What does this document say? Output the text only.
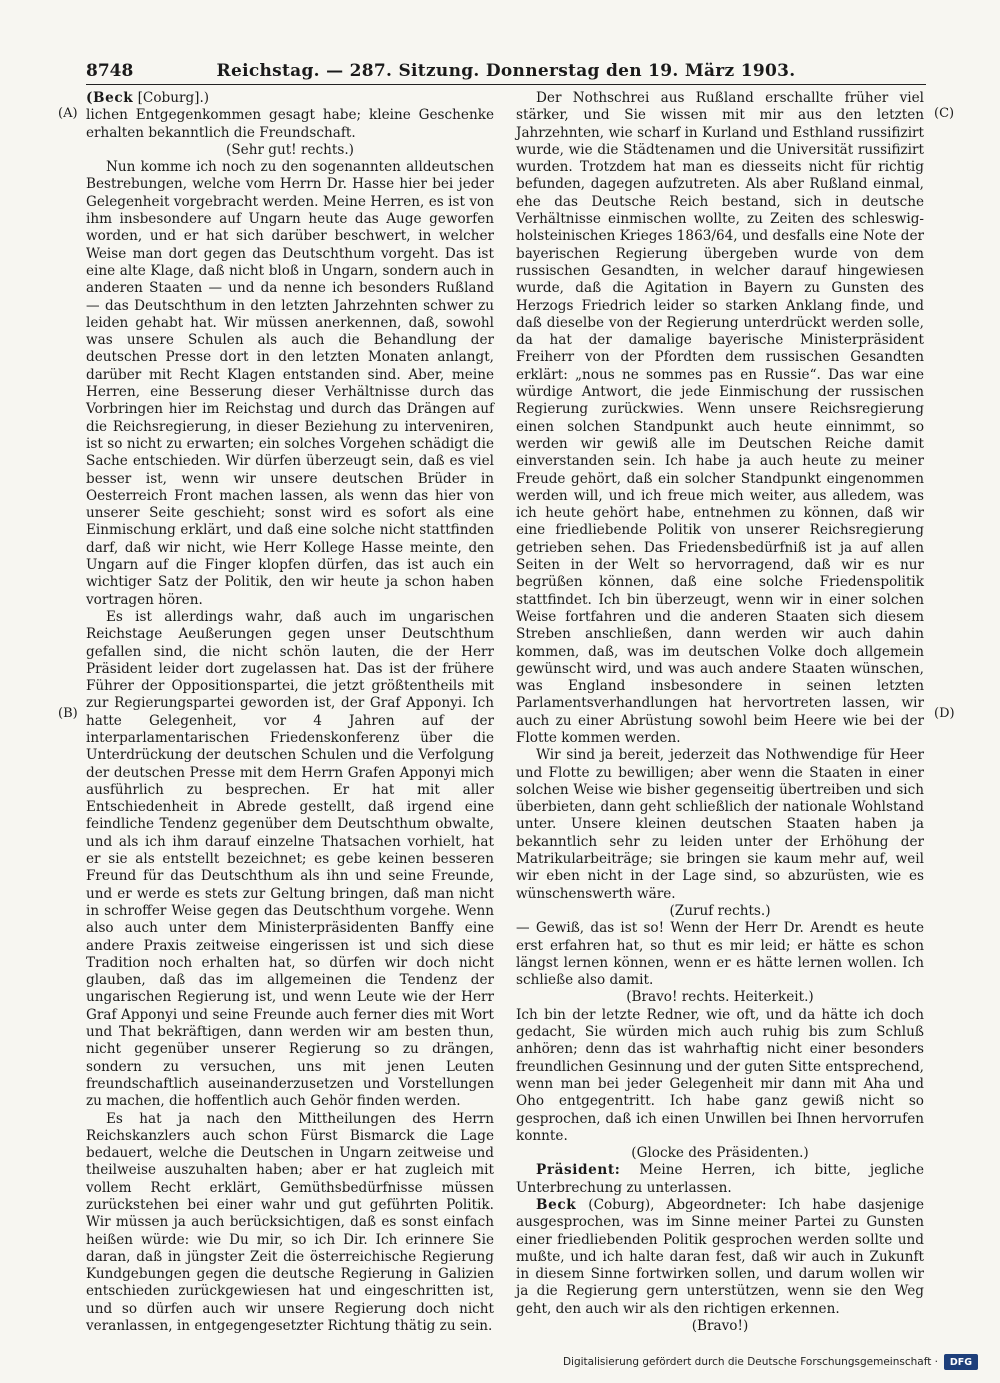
8748	Reichstag. — 287. Sitzung. Donnerstag den 19. März 1903.
(A)
(B)
(C)
(D)

(Beck [Coburg].)

lichen Entgegenkommen gesagt habe; kleine Geschenke erhalten bekanntlich die Freundschaft.

(Sehr gut! rechts.)

Nun komme ich noch zu den sogenannten alldeutschen Bestrebungen, welche vom Herrn Dr. Hasse hier bei jeder Gelegenheit vorgebracht werden. Meine Herren, es ist von ihm insbesondere auf Ungarn heute das Auge geworfen worden, und er hat sich darüber beschwert, in welcher Weise man dort gegen das Deutschthum vorgeht. Das ist eine alte Klage, daß nicht bloß in Ungarn, sondern auch in anderen Staaten — und da nenne ich besonders Rußland — das Deutschthum in den letzten Jahrzehnten schwer zu leiden gehabt hat. Wir müssen anerkennen, daß, sowohl was unsere Schulen als auch die Behandlung der deutschen Presse dort in den letzten Monaten anlangt, darüber mit Recht Klagen entstanden sind. Aber, meine Herren, eine Besserung dieser Verhältnisse durch das Vorbringen hier im Reichstag und durch das Drängen auf die Reichsregierung, in dieser Beziehung zu interveniren, ist so nicht zu erwarten; ein solches Vorgehen schädigt die Sache entschieden. Wir dürfen überzeugt sein, daß es viel besser ist, wenn wir unsere deutschen Brüder in Oesterreich Front machen lassen, als wenn das hier von unserer Seite geschieht; sonst wird es sofort als eine Einmischung erklärt, und daß eine solche nicht stattfinden darf, daß wir nicht, wie Herr Kollege Hasse meinte, den Ungarn auf die Finger klopfen dürfen, das ist auch ein wichtiger Satz der Politik, den wir heute ja schon haben vortragen hören.

Es ist allerdings wahr, daß auch im ungarischen Reichstage Aeußerungen gegen unser Deutschthum gefallen sind, die nicht schön lauten, die der Herr Präsident leider dort zugelassen hat. Das ist der frühere Führer der Oppositionspartei, die jetzt größtentheils mit zur Regierungspartei geworden ist, der Graf Apponyi. Ich hatte Gelegenheit, vor 4 Jahren auf der interparlamentarischen Friedenskonferenz über die Unterdrückung der deutschen Schulen und die Verfolgung der deutschen Presse mit dem Herrn Grafen Apponyi mich ausführlich zu besprechen. Er hat mit aller Entschiedenheit in Abrede gestellt, daß irgend eine feindliche Tendenz gegenüber dem Deutschthum obwalte, und als ich ihm darauf einzelne Thatsachen vorhielt, hat er sie als entstellt bezeichnet; es gebe keinen besseren Freund für das Deutschthum als ihn und seine Freunde, und er werde es stets zur Geltung bringen, daß man nicht in schroffer Weise gegen das Deutschthum vorgehe. Wenn also auch unter dem Ministerpräsidenten Banffy eine andere Praxis zeitweise eingerissen ist und sich diese Tradition noch erhalten hat, so dürfen wir doch nicht glauben, daß das im allgemeinen die Tendenz der ungarischen Regierung ist, und wenn Leute wie der Herr Graf Apponyi und seine Freunde auch ferner dies mit Wort und That bekräftigen, dann werden wir am besten thun, nicht gegenüber unserer Regierung so zu drängen, sondern zu versuchen, uns mit jenen Leuten freundschaftlich auseinanderzusetzen und Vorstellungen zu machen, die hoffentlich auch Gehör finden werden.

Es hat ja nach den Mittheilungen des Herrn Reichskanzlers auch schon Fürst Bismarck die Lage bedauert, welche die Deutschen in Ungarn zeitweise und theilweise auszuhalten haben; aber er hat zugleich mit vollem Recht erklärt, Gemüthsbedürfnisse müssen zurückstehen bei einer wahr und gut geführten Politik. Wir müssen ja auch berücksichtigen, daß es sonst einfach heißen würde: wie Du mir, so ich Dir. Ich erinnere Sie daran, daß in jüngster Zeit die österreichische Regierung Kundgebungen gegen die deutsche Regierung in Galizien entschieden zurückgewiesen hat und eingeschritten ist, und so dürfen auch wir unsere Regierung doch nicht veranlassen, in entgegengesetzter Richtung thätig zu sein.

Der Nothschrei aus Rußland erschallte früher viel stärker, und Sie wissen mit mir aus den letzten Jahrzehnten, wie scharf in Kurland und Esthland russifizirt wurde, wie die Städtenamen und die Universität russifizirt wurden. Trotzdem hat man es diesseits nicht für richtig befunden, dagegen aufzutreten. Als aber Rußland einmal, ehe das Deutsche Reich bestand, sich in deutsche Verhältnisse einmischen wollte, zu Zeiten des schleswig-holsteinischen Krieges 1863/64, und desfalls eine Note der bayerischen Regierung übergeben wurde von dem russischen Gesandten, in welcher darauf hingewiesen wurde, daß die Agitation in Bayern zu Gunsten des Herzogs Friedrich leider so starken Anklang finde, und daß dieselbe von der Regierung unterdrückt werden solle, da hat der damalige bayerische Ministerpräsident Freiherr von der Pfordten dem russischen Gesandten erklärt: „nous ne sommes pas en Russie“. Das war eine würdige Antwort, die jede Einmischung der russischen Regierung zurückwies. Wenn unsere Reichsregierung einen solchen Standpunkt auch heute einnimmt, so werden wir gewiß alle im Deutschen Reiche damit einverstanden sein. Ich habe ja auch heute zu meiner Freude gehört, daß ein solcher Standpunkt eingenommen werden will, und ich freue mich weiter, aus alledem, was ich heute gehört habe, entnehmen zu können, daß wir eine friedliebende Politik von unserer Reichsregierung getrieben sehen. Das Friedensbedürfniß ist ja auf allen Seiten in der Welt so hervorragend, daß wir es nur begrüßen können, daß eine solche Friedenspolitik stattfindet. Ich bin überzeugt, wenn wir in einer solchen Weise fortfahren und die anderen Staaten sich diesem Streben anschließen, dann werden wir auch dahin kommen, daß, was im deutschen Volke doch allgemein gewünscht wird, und was auch andere Staaten wünschen, was England insbesondere in seinen letzten Parlamentsverhandlungen hat hervortreten lassen, wir auch zu einer Abrüstung sowohl beim Heere wie bei der Flotte kommen werden.

Wir sind ja bereit, jederzeit das Nothwendige für Heer und Flotte zu bewilligen; aber wenn die Staaten in einer solchen Weise wie bisher gegenseitig übertreiben und sich überbieten, dann geht schließlich der nationale Wohlstand unter. Unsere kleinen deutschen Staaten haben ja bekanntlich sehr zu leiden unter der Erhöhung der Matrikularbeiträge; sie bringen sie kaum mehr auf, weil wir eben nicht in der Lage sind, so abzurüsten, wie es wünschenswerth wäre.

(Zuruf rechts.)

— Gewiß, das ist so! Wenn der Herr Dr. Arendt es heute erst erfahren hat, so thut es mir leid; er hätte es schon längst lernen können, wenn er es hätte lernen wollen. Ich schließe also damit.

(Bravo! rechts. Heiterkeit.)

Ich bin der letzte Redner, wie oft, und da hätte ich doch gedacht, Sie würden mich auch ruhig bis zum Schluß anhören; denn das ist wahrhaftig nicht einer besonders freundlichen Gesinnung und der guten Sitte entsprechend, wenn man bei jeder Gelegenheit mir dann mit Aha und Oho entgegentritt. Ich habe ganz gewiß nicht so gesprochen, daß ich einen Unwillen bei Ihnen hervorrufen konnte.

(Glocke des Präsidenten.)

Präsident: Meine Herren, ich bitte, jegliche Unterbrechung zu unterlassen.

Beck (Coburg), Abgeordneter: Ich habe dasjenige ausgesprochen, was im Sinne meiner Partei zu Gunsten einer friedliebenden Politik gesprochen werden sollte und mußte, und ich halte daran fest, daß wir auch in Zukunft in diesem Sinne fortwirken sollen, und darum wollen wir ja die Regierung gern unterstützen, wenn sie den Weg geht, den auch wir als den richtigen erkennen.

(Bravo!)

Digitalisierung gefördert durch die Deutsche Forschungsgemeinschaft ·	DFG
